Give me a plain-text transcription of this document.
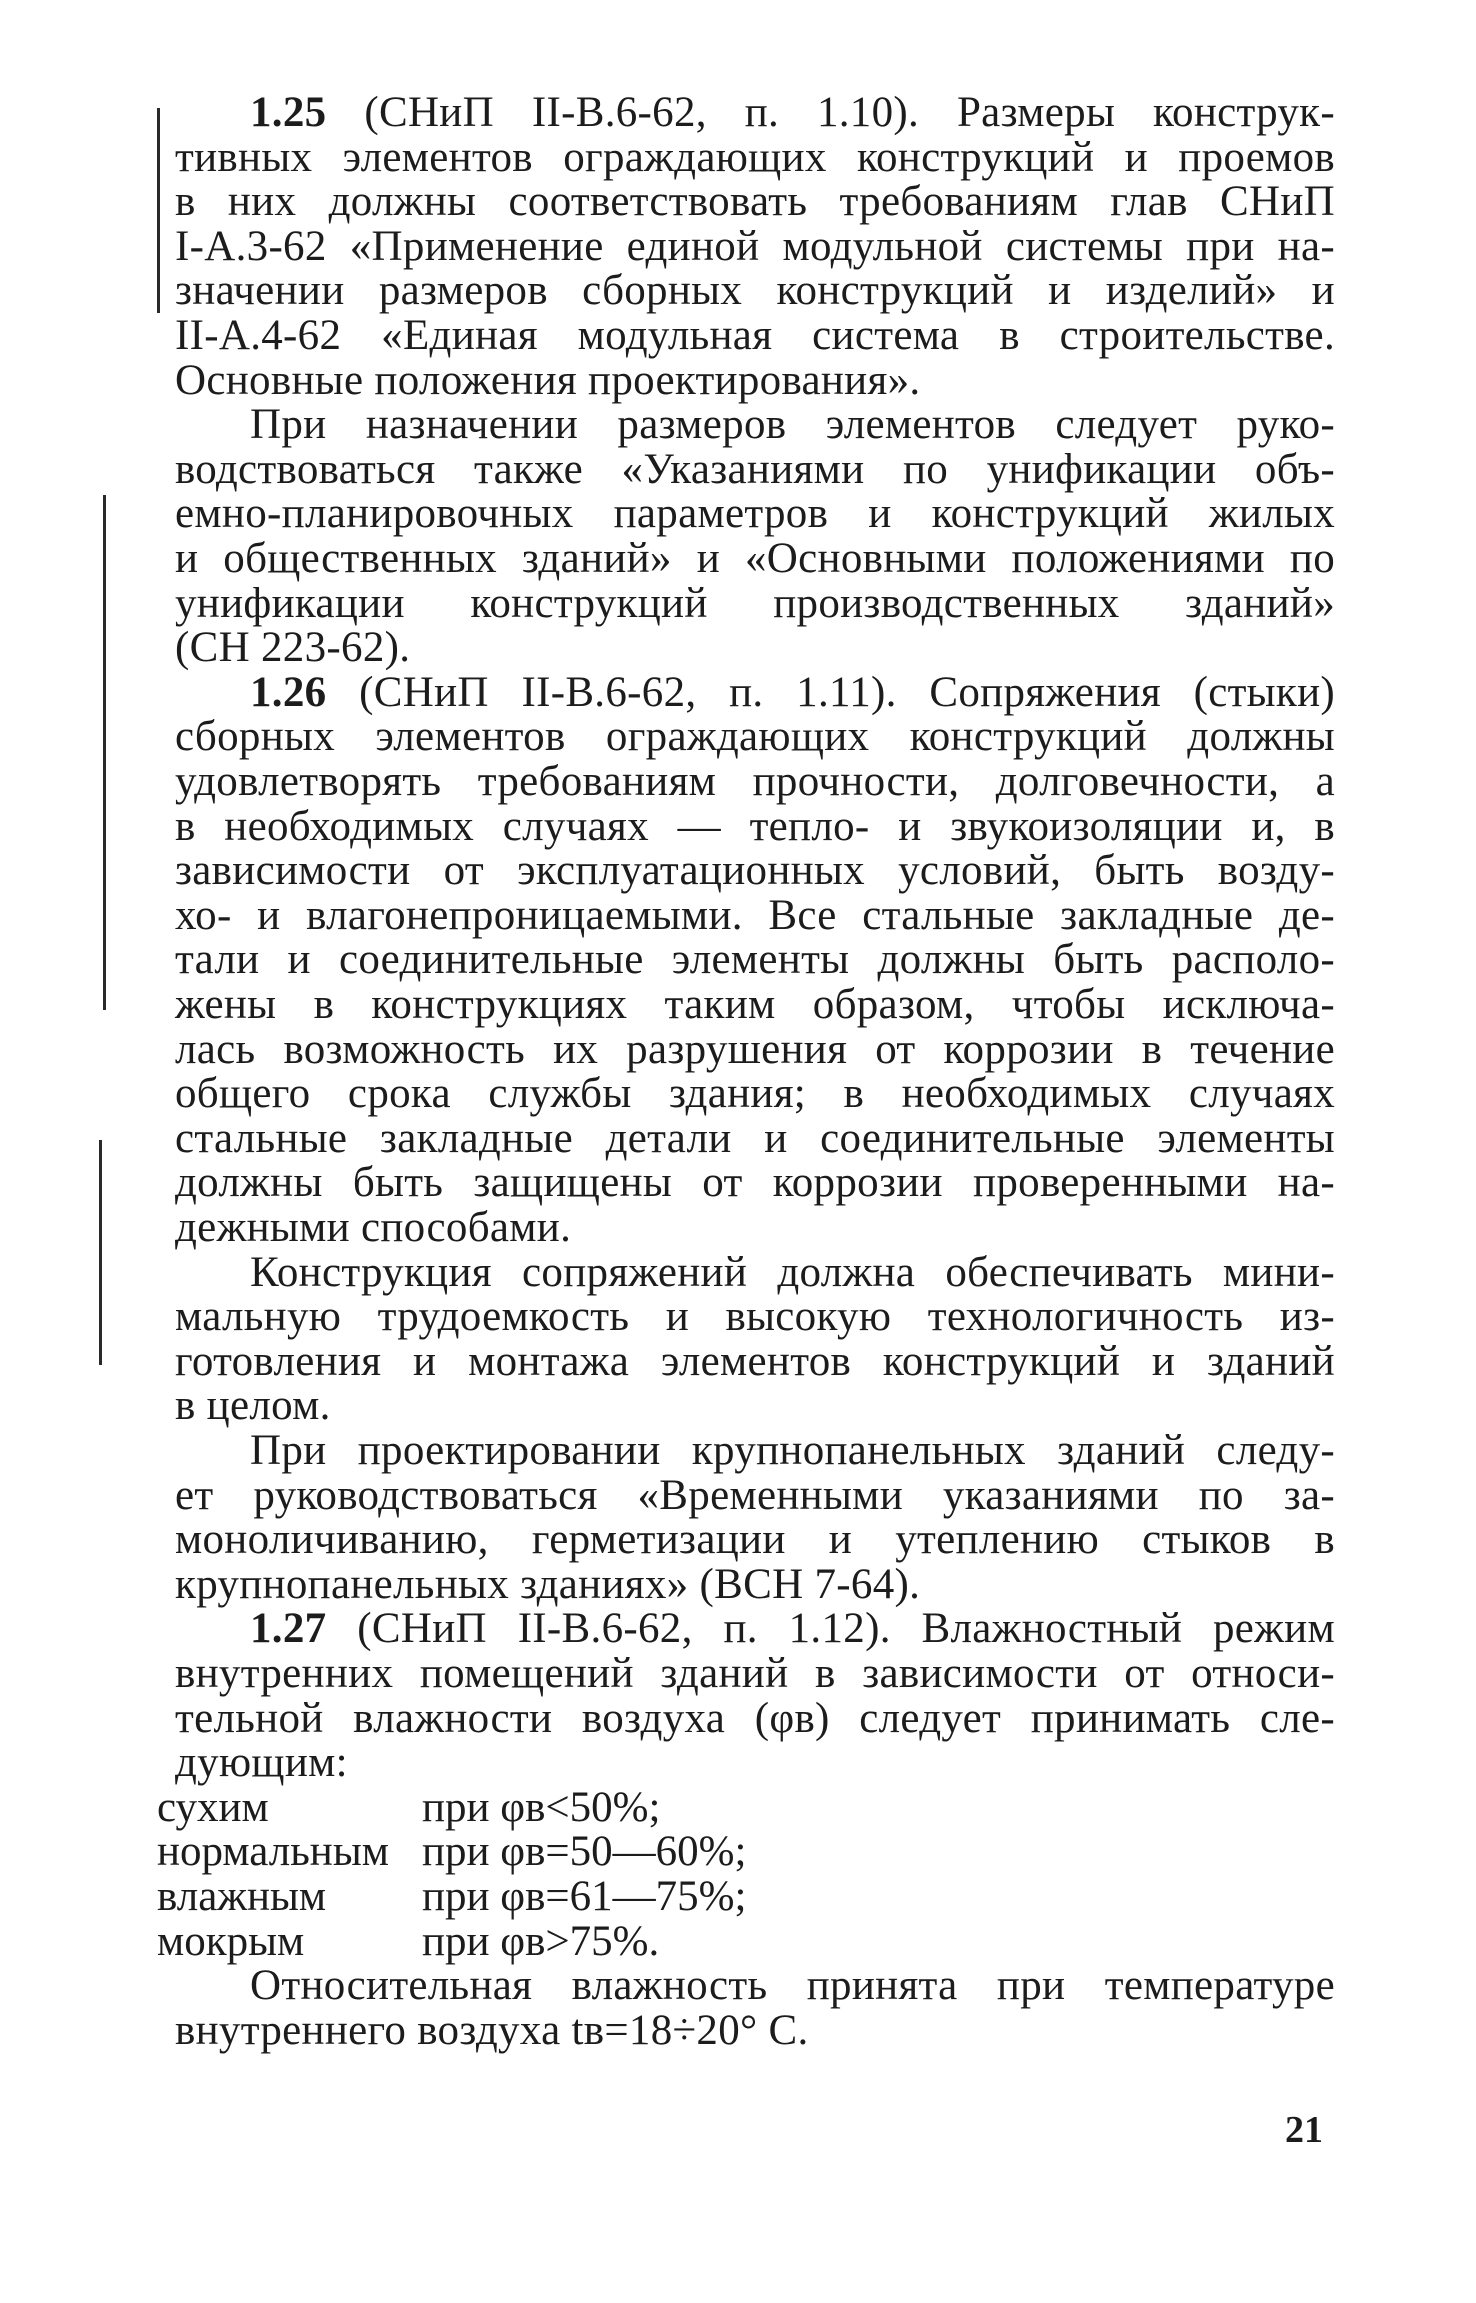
1.25 (СНиП II-В.6-62, п. 1.10). Размеры конструк-
тивных элементов ограждающих конструкций и проемов
в них должны соответствовать требованиям глав СНиП
I-А.3-62 «Применение единой модульной системы при на-
значении размеров сборных конструкций и изделий» и
II-А.4-62 «Единая модульная система в строительстве.
Основные положения проектирования».
При назначении размеров элементов следует руко-
водствоваться также «Указаниями по унификации объ-
емно-планировочных параметров и конструкций жилых
и общественных зданий» и «Основными положениями по
унификации конструкций производственных зданий»
(СН 223-62).
1.26 (СНиП II-В.6-62, п. 1.11). Сопряжения (стыки)
сборных элементов ограждающих конструкций должны
удовлетворять требованиям прочности, долговечности, а
в необходимых случаях — тепло- и звукоизоляции и, в
зависимости от эксплуатационных условий, быть возду-
хо- и влагонепроницаемыми. Все стальные закладные де-
тали и соединительные элементы должны быть располо-
жены в конструкциях таким образом, чтобы исключа-
лась возможность их разрушения от коррозии в течение
общего срока службы здания; в необходимых случаях
стальные закладные детали и соединительные элементы
должны быть защищены от коррозии проверенными на-
дежными способами.
Конструкция сопряжений должна обеспечивать мини-
мальную трудоемкость и высокую технологичность из-
готовления и монтажа элементов конструкций и зданий
в целом.
При проектировании крупнопанельных зданий следу-
ет руководствоваться «Временными указаниями по за-
моноличиванию, герметизации и утеплению стыков в
крупнопанельных зданиях» (ВСН 7-64).
1.27 (СНиП II-В.6-62, п. 1.12). Влажностный режим
внутренних помещений зданий в зависимости от относи-
тельной влажности воздуха (φв) следует принимать сле-
дующим:
сухим	при φв<50%;
нормальным при φв=50—60%;
влажным при φв=61—75%;
мокрым	при φв>75%.
Относительная влажность принята при температуре
внутреннего воздуха tв=18÷20° С.
21
